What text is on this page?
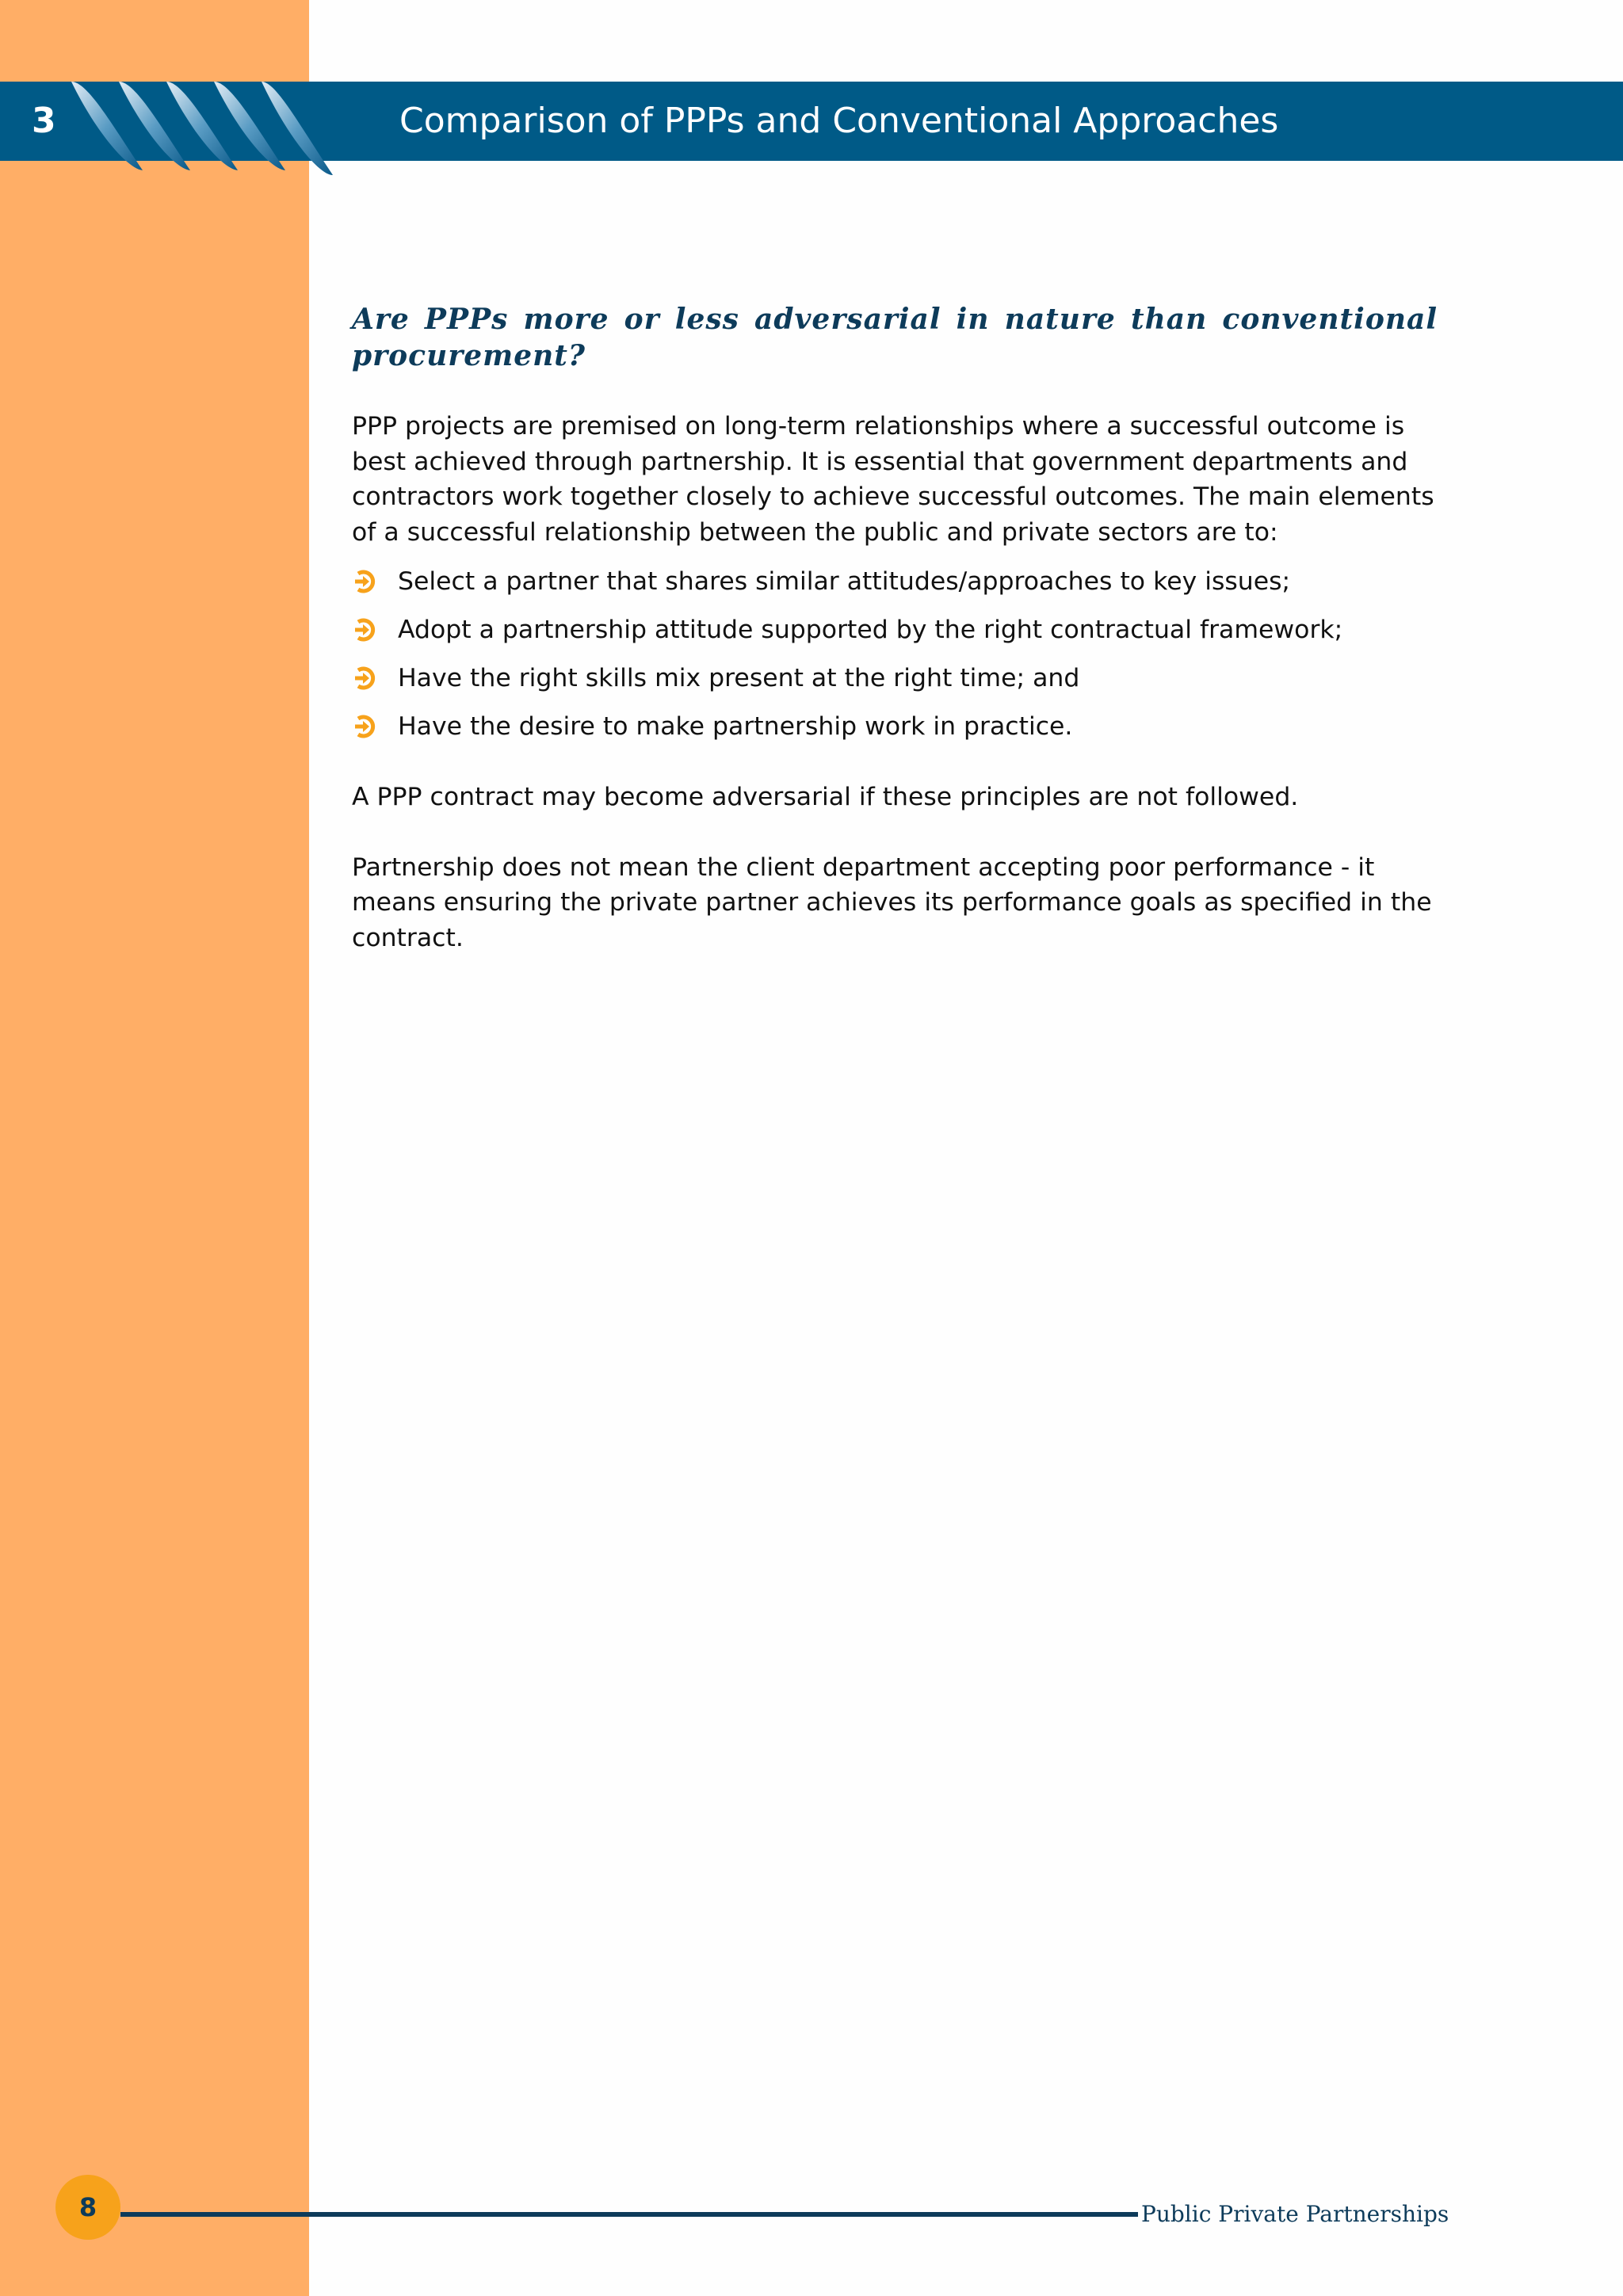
3	Comparison of PPPs and Conventional Approaches
Are PPPs more or less adversarial in nature than conventional procurement?

PPP projects are premised on long-term relationships where a successful outcome is best achieved through partnership. It is essential that government departments and contractors work together closely to achieve successful outcomes. The main elements of a successful relationship between the public and private sectors are to:

Select a partner that shares similar attitudes/approaches to key issues;
Adopt a partnership attitude supported by the right contractual framework;
Have the right skills mix present at the right time; and
Have the desire to make partnership work in practice.

A PPP contract may become adversarial if these principles are not followed.

Partnership does not mean the client department accepting poor performance - it means ensuring the private partner achieves its performance goals as specified in the contract.

8	Public Private Partnerships
